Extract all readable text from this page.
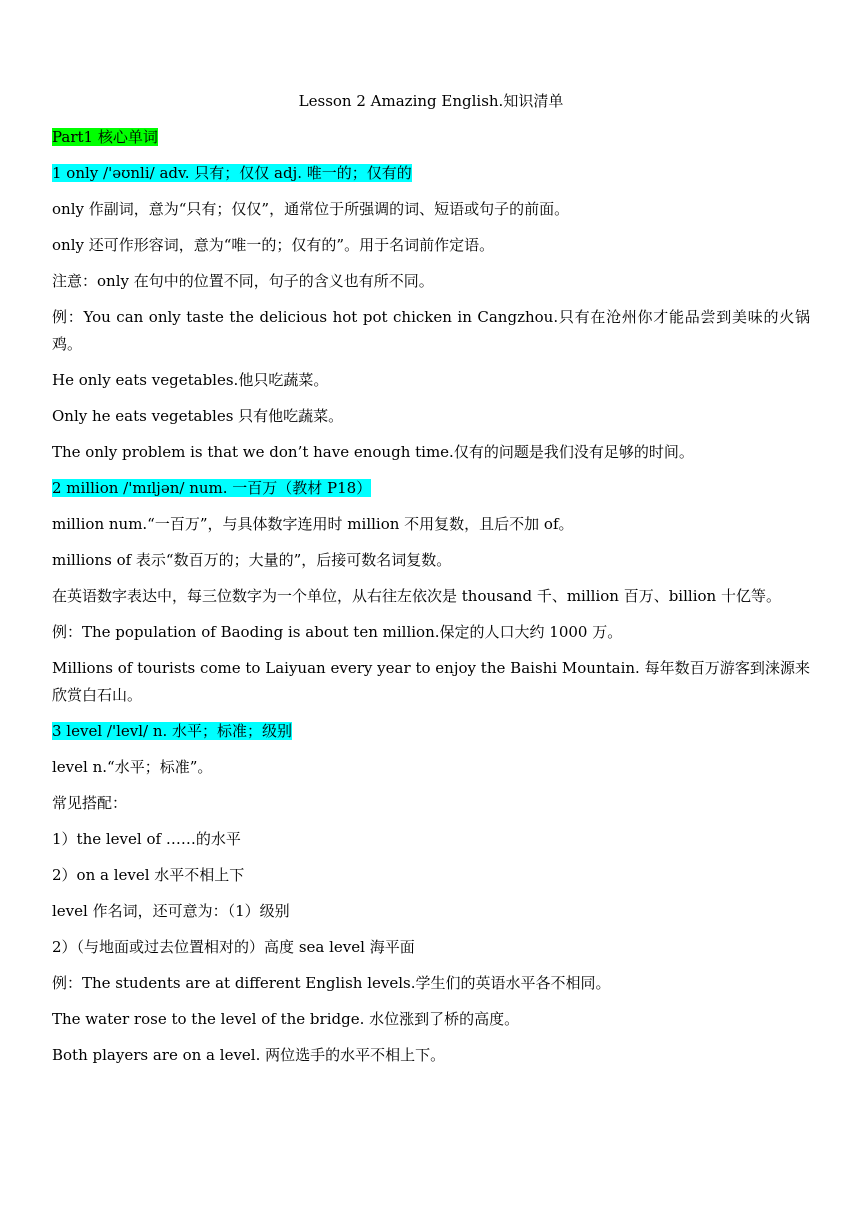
Lesson 2 Amazing English.知识清单
Part1 核心单词
1 only /'əʊnli/ adv. 只有；仅仅 adj. 唯一的；仅有的
only 作副词，意为“只有；仅仅”，通常位于所强调的词、短语或句子的前面。
only 还可作形容词，意为“唯一的；仅有的”。用于名词前作定语。
注意：only 在句中的位置不同，句子的含义也有所不同。
例：You can only taste the delicious hot pot chicken in Cangzhou.只有在沧州你才能品尝到美味的火锅鸡。
He only eats vegetables.他只吃蔬菜。
Only he eats vegetables 只有他吃蔬菜。
The only problem is that we don’t have enough time.仅有的问题是我们没有足够的时间。
2 million /'mɪljən/ num. 一百万（教材 P18）
million num.“一百万”，与具体数字连用时 million 不用复数，且后不加 of。
millions of 表示“数百万的；大量的”，后接可数名词复数。
在英语数字表达中，每三位数字为一个单位，从右往左依次是 thousand 千、million 百万、billion 十亿等。
例：The population of Baoding is about ten million.保定的人口大约 1000 万。
Millions of tourists come to Laiyuan every year to enjoy the Baishi Mountain. 每年数百万游客到涞源来欣赏白石山。
3 level /'levl/ n. 水平；标准；级别
level n.“水平；标准”。
常见搭配：
1）the level of ……的水平
2）on a level 水平不相上下
level 作名词，还可意为：（1）级别
2）（与地面或过去位置相对的）高度 sea level 海平面
例：The students are at different English levels.学生们的英语水平各不相同。
The water rose to the level of the bridge. 水位涨到了桥的高度。
Both players are on a level. 两位选手的水平不相上下。
